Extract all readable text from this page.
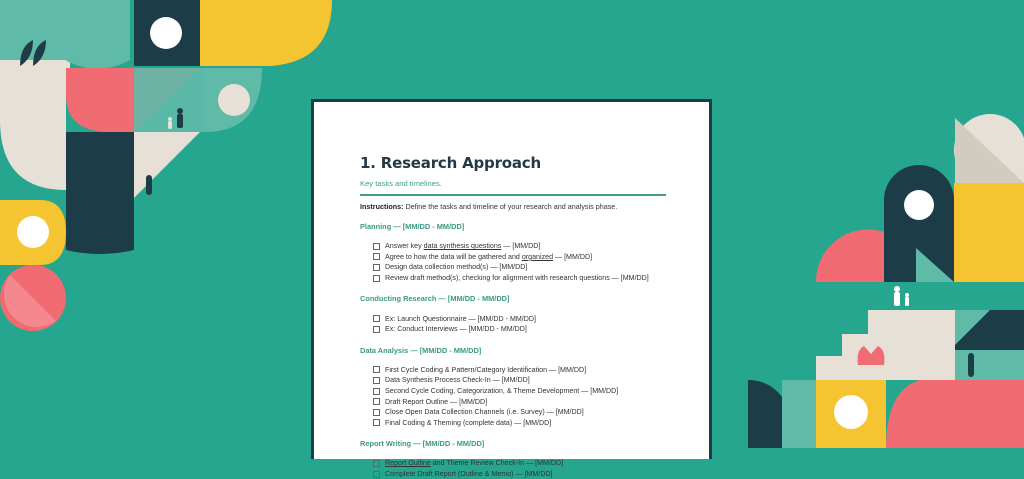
1. Research Approach
Key tasks and timelines.
Instructions: Define the tasks and timeline of your research and analysis phase.
Planning — [MM/DD - MM/DD]
Answer key data synthesis questions — [MM/DD]
Agree to how the data will be gathered and organized — [MM/DD]
Design data collection method(s) — [MM/DD]
Review draft method(s), checking for alignment with research questions — [MM/DD]
Conducting Research — [MM/DD - MM/DD]
Ex: Launch Questionnaire — [MM/DD - MM/DD]
Ex: Conduct Interviews — [MM/DD - MM/DD]
Data Analysis — [MM/DD - MM/DD]
First Cycle Coding & Pattern/Category Identification — [MM/DD]
Data Synthesis Process Check-In — [MM/DD]
Second Cycle Coding, Categorization, & Theme Development — [MM/DD]
Draft Report Outline — [MM/DD]
Close Open Data Collection Channels (i.e. Survey) — [MM/DD]
Final Coding & Theming (complete data) — [MM/DD]
Report Writing — [MM/DD - MM/DD]
Report Outline and Theme Review Check-In — [MM/DD]
Complete Draft Report (Outline & Memo) — [MM/DD]
